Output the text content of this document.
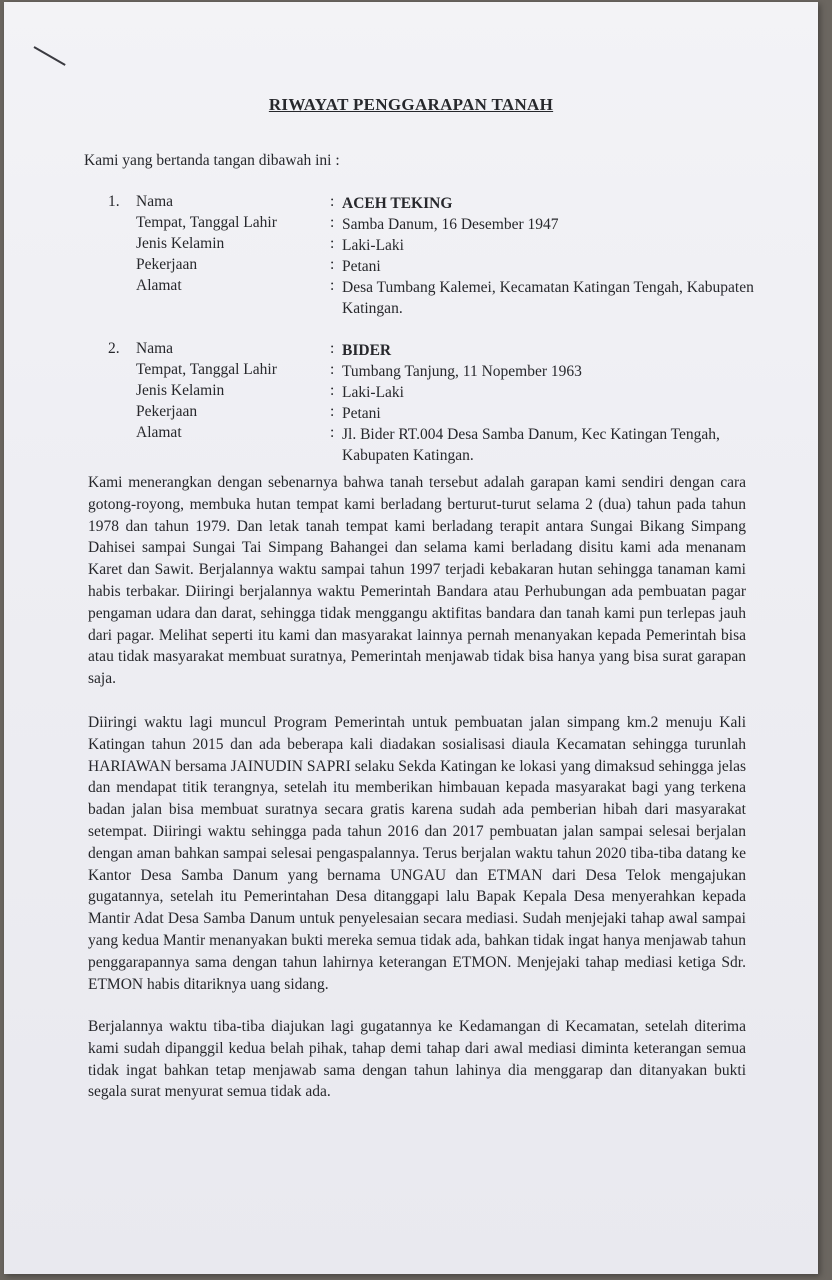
RIWAYAT PENGGARAPAN TANAH
Kami yang bertanda tangan dibawah ini :
1.	Nama	: ACEH TEKING
Tempat, Tanggal Lahir	: Samba Danum, 16 Desember 1947
Jenis Kelamin	: Laki-Laki
Pekerjaan	: Petani
Alamat	: Desa Tumbang Kalemei, Kecamatan Katingan Tengah, Kabupaten Katingan.
2.	Nama	: BIDER
Tempat, Tanggal Lahir	: Tumbang Tanjung, 11 Nopember 1963
Jenis Kelamin	: Laki-Laki
Pekerjaan	: Petani
Alamat	: Jl. Bider RT.004 Desa Samba Danum, Kec Katingan Tengah, Kabupaten Katingan.

Kami menerangkan dengan sebenarnya bahwa tanah tersebut adalah garapan kami sendiri dengan cara gotong-royong, membuka hutan tempat kami berladang berturut-turut selama 2 (dua) tahun pada tahun 1978 dan tahun 1979. Dan letak tanah tempat kami berladang terapit antara Sungai Bikang Simpang Dahisei sampai Sungai Tai Simpang Bahangei dan selama kami berladang disitu kami ada menanam Karet dan Sawit. Berjalannya waktu sampai tahun 1997 terjadi kebakaran hutan sehingga tanaman kami habis terbakar. Diiringi berjalannya waktu Pemerintah Bandara atau Perhubungan ada pembuatan pagar pengaman udara dan darat, sehingga tidak menggangu aktifitas bandara dan tanah kami pun terlepas jauh dari pagar. Melihat seperti itu kami dan masyarakat lainnya pernah menanyakan kepada Pemerintah bisa atau tidak masyarakat membuat suratnya, Pemerintah menjawab tidak bisa hanya yang bisa surat garapan saja.

Diiringi waktu lagi muncul Program Pemerintah untuk pembuatan jalan simpang km.2 menuju Kali Katingan tahun 2015 dan ada beberapa kali diadakan sosialisasi diaula Kecamatan sehingga turunlah HARIAWAN bersama JAINUDIN SAPRI selaku Sekda Katingan ke lokasi yang dimaksud sehingga jelas dan mendapat titik terangnya, setelah itu memberikan himbauan kepada masyarakat bagi yang terkena badan jalan bisa membuat suratnya secara gratis karena sudah ada pemberian hibah dari masyarakat setempat. Diiringi waktu sehingga pada tahun 2016 dan 2017 pembuatan jalan sampai selesai berjalan dengan aman bahkan sampai selesai pengaspalannya. Terus berjalan waktu tahun 2020 tiba-tiba datang ke Kantor Desa Samba Danum yang bernama UNGAU dan ETMAN dari Desa Telok mengajukan gugatannya, setelah itu Pemerintahan Desa ditanggapi lalu Bapak Kepala Desa menyerahkan kepada Mantir Adat Desa Samba Danum untuk penyelesaian secara mediasi. Sudah menjejaki tahap awal sampai yang kedua Mantir menanyakan bukti mereka semua tidak ada, bahkan tidak ingat hanya menjawab tahun penggarapannya sama dengan tahun lahirnya keterangan ETMON. Menjejaki tahap mediasi ketiga Sdr. ETMON habis ditariknya uang sidang.

Berjalannya waktu tiba-tiba diajukan lagi gugatannya ke Kedamangan di Kecamatan, setelah diterima kami sudah dipanggil kedua belah pihak, tahap demi tahap dari awal mediasi diminta keterangan semua tidak ingat bahkan tetap menjawab sama dengan tahun lahinya dia menggarap dan ditanyakan bukti segala surat menyurat semua tidak ada.
